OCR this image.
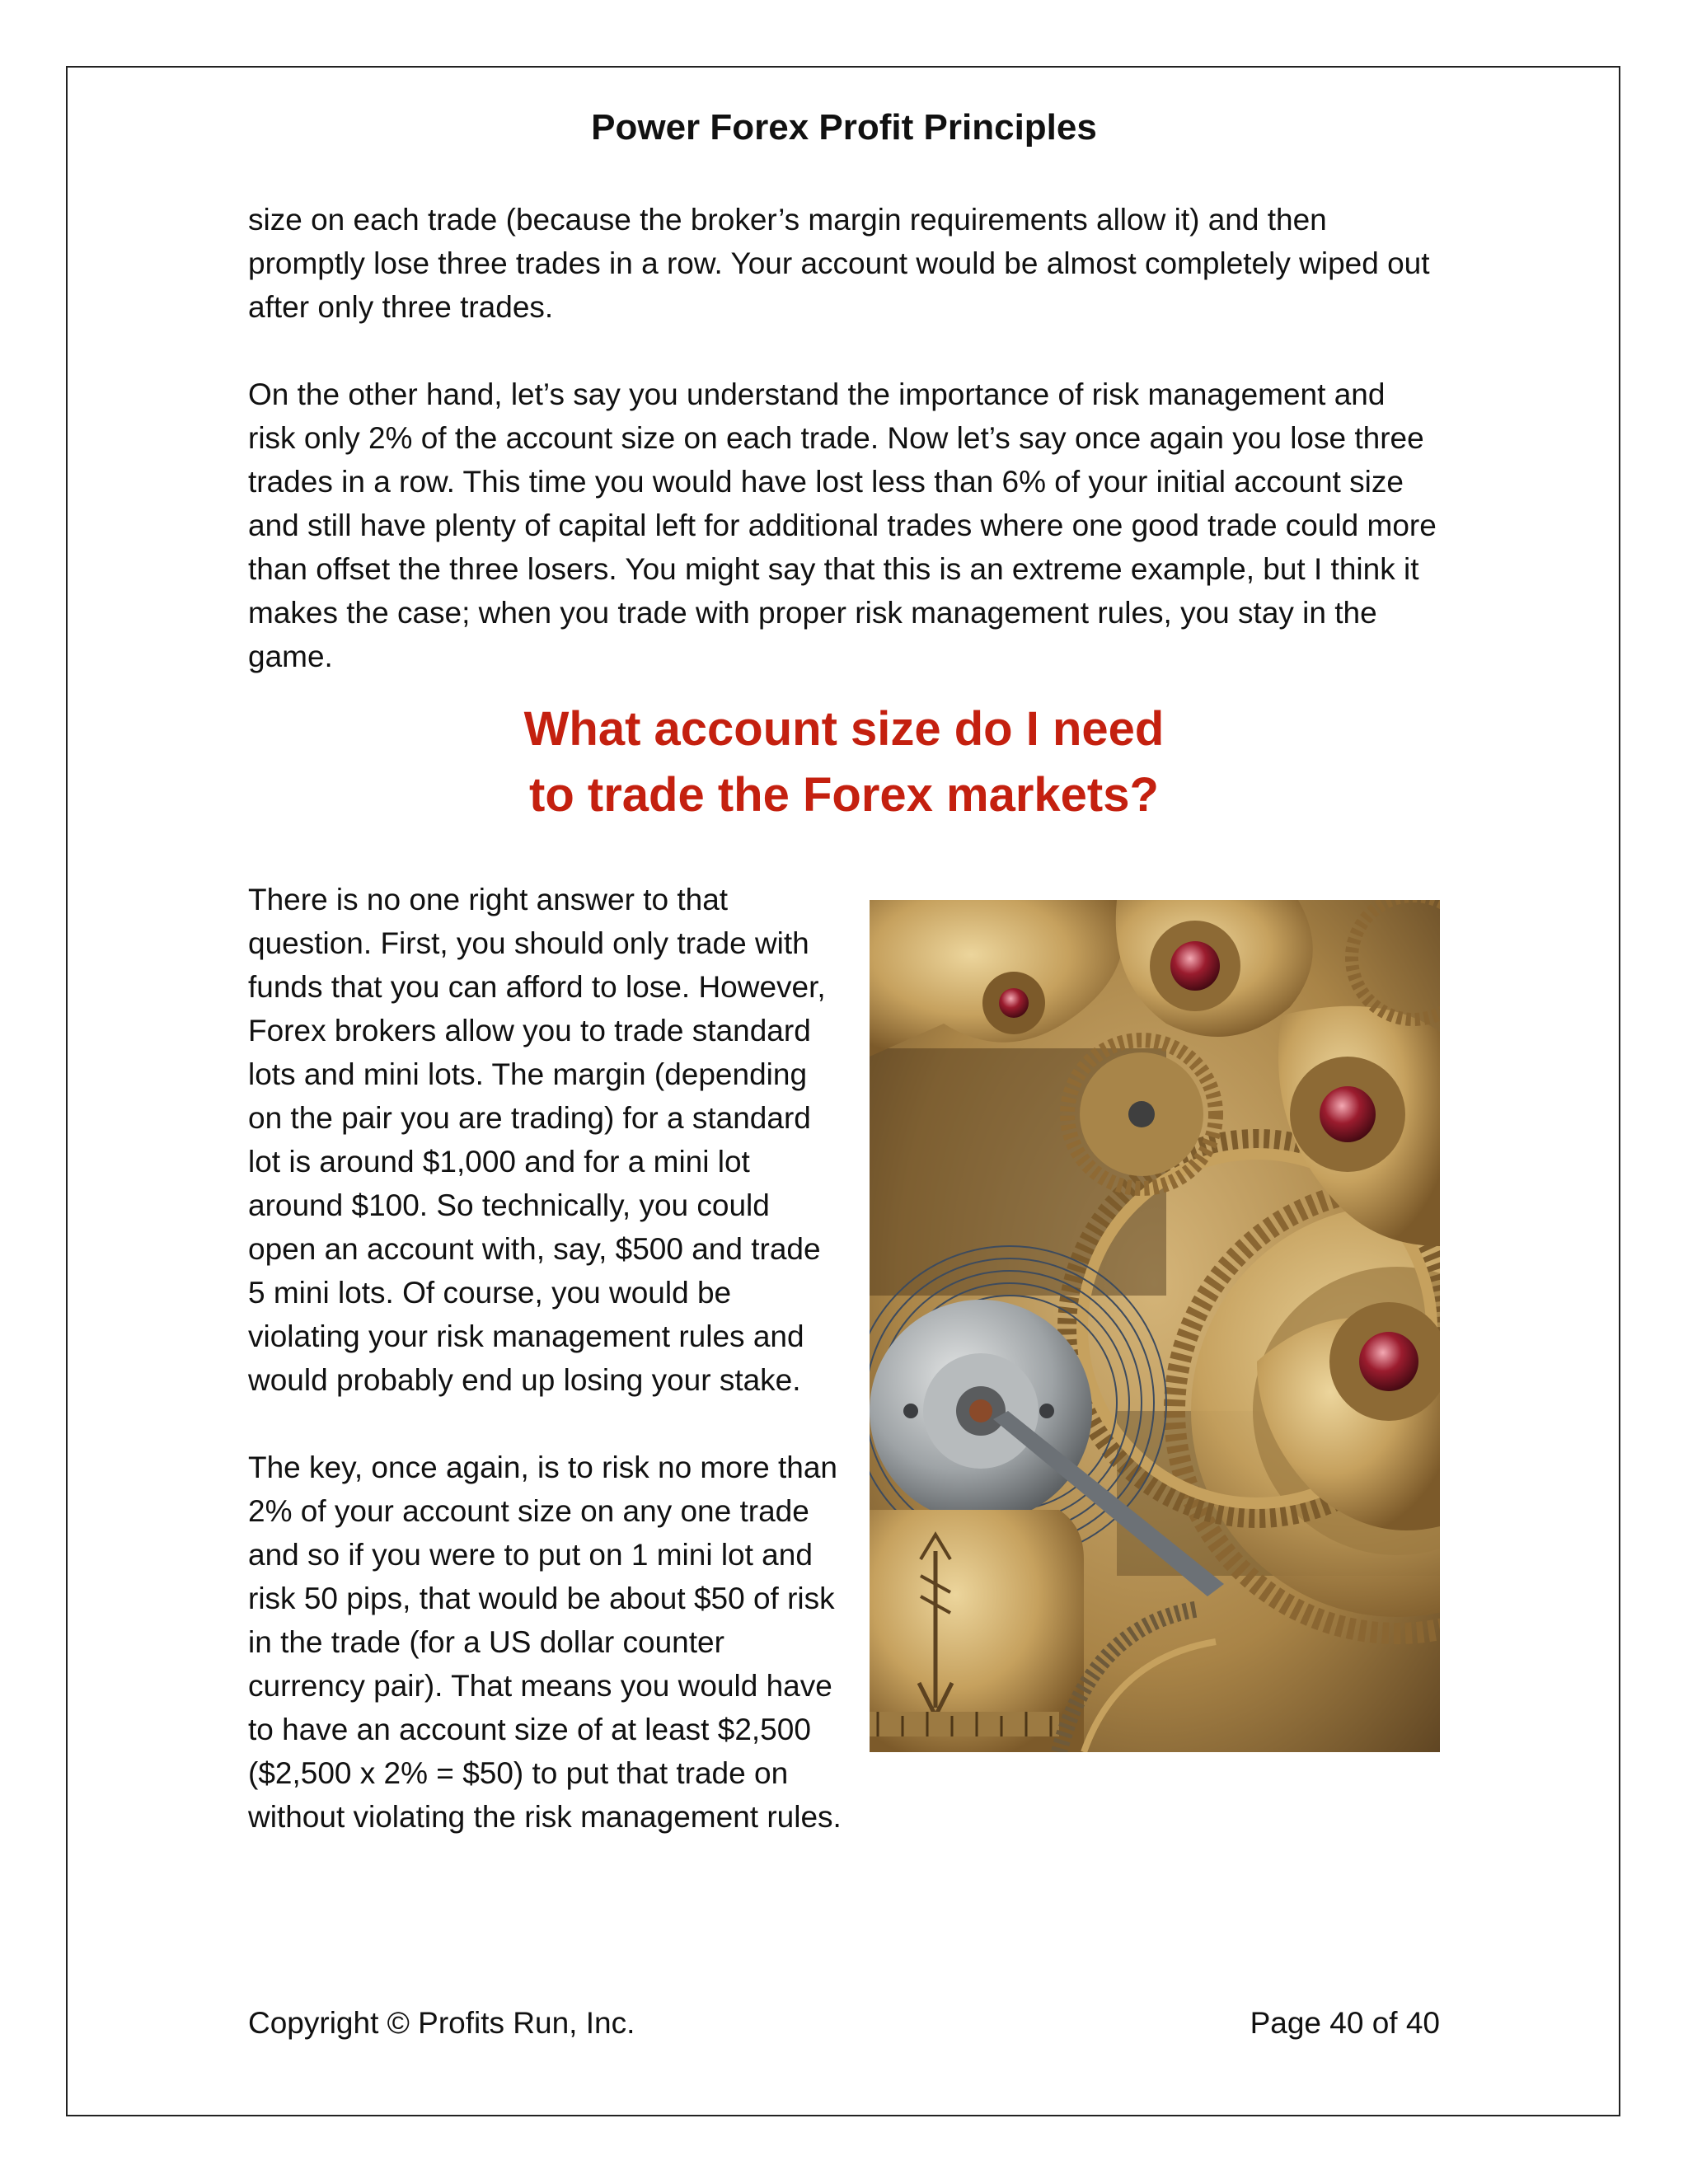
Power Forex Profit Principles

size on each trade (because the broker’s margin requirements allow it) and then promptly lose three trades in a row. Your account would be almost completely wiped out after only three trades.

On the other hand, let’s say you understand the importance of risk management and risk only 2% of the account size on each trade. Now let’s say once again you lose three trades in a row. This time you would have lost less than 6% of your initial account size and still have plenty of capital left for additional trades where one good trade could more than offset the three losers. You might say that this is an extreme example, but I think it makes the case; when you trade with proper risk management rules, you stay in the game.

What account size do I need
to trade the Forex markets?

There is no one right answer to that question. First, you should only trade with funds that you can afford to lose. However, Forex brokers allow you to trade standard lots and mini lots. The margin (depending on the pair you are trading) for a standard lot is around $1,000 and for a mini lot around $100. So technically, you could open an account with, say, $500 and trade 5 mini lots. Of course, you would be violating your risk management rules and would probably end up losing your stake.

The key, once again, is to risk no more than 2% of your account size on any one trade and so if you were to put on 1 mini lot and risk 50 pips, that would be about $50 of risk in the trade (for a US dollar counter currency pair). That means you would have to have an account size of at least $2,500 ($2,500 x 2% = $50) to put that trade on without violating the risk management rules.

Copyright © Profits Run, Inc.	Page 40 of 40
